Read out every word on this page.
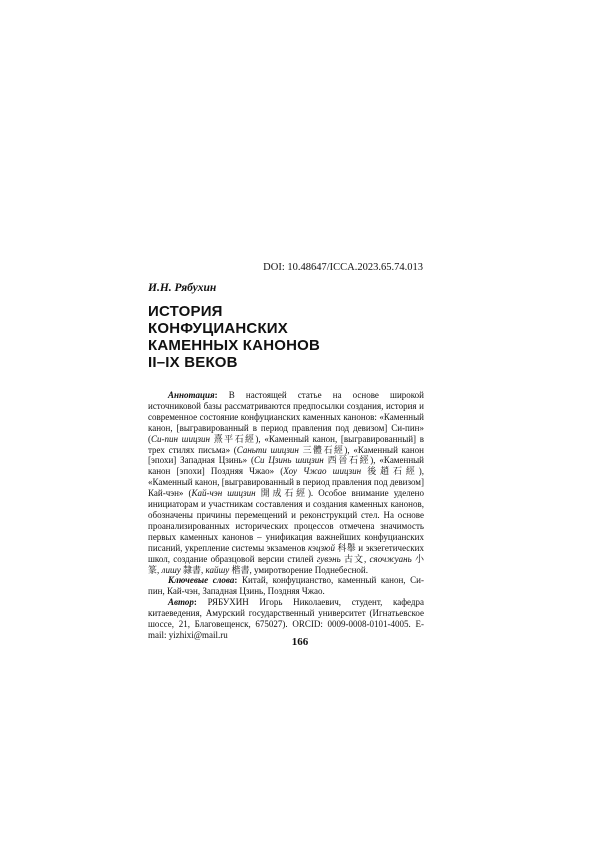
DOI: 10.48647/ICCA.2023.65.74.013
И.Н. Рябухин
ИСТОРИЯ
КОНФУЦИАНСКИХ
КАМЕННЫХ КАНОНОВ
II–IX ВЕКОВ

Аннотация: В настоящей статье на основе широкой источниковой базы рассматриваются предпосылки создания, история и современное состояние конфуцианских каменных канонов: «Каменный канон, [выгравированный в период правления под девизом] Си-пин» (Си-пин шицзин 熹平石經), «Каменный канон, [выгравированный] в трех стилях письма» (Саньти шицзин 三體石經), «Каменный канон [эпохи] Западная Цзинь» (Си Цзинь шицзин 西晉石經), «Каменный канон [эпохи] Поздняя Чжао» (Хоу Чжао шицзин 後趙石經), «Каменный канон, [выгравированный в период правления под девизом] Кай-чэн» (Кай-чэн шицзин 開成石經). Особое внимание уделено инициаторам и участникам составления и создания каменных канонов, обозначены причины перемещений и реконструкций стел. На основе проанализированных исторических процессов отмечена значимость первых каменных канонов – унификация важнейших конфуцианских писаний, укрепление системы экзаменов кэцзюй 科舉 и экзегетических школ, создание образцовой версии стилей гувэнь 古文, сяочжуань 小篆, лишу 隸書, кайшу 楷書, умиротворение Поднебесной.

Ключевые слова: Китай, конфуцианство, каменный канон, Си-пин, Кай-чэн, Западная Цзинь, Поздняя Чжао.

Автор: РЯБУХИН Игорь Николаевич, студент, кафедра китаеведения, Амурский государственный университет (Игнатьевское шоссе, 21, Благовещенск, 675027). ORCID: 0009-0008-0101-4005. E-mail: yizhixi@mail.ru

166
